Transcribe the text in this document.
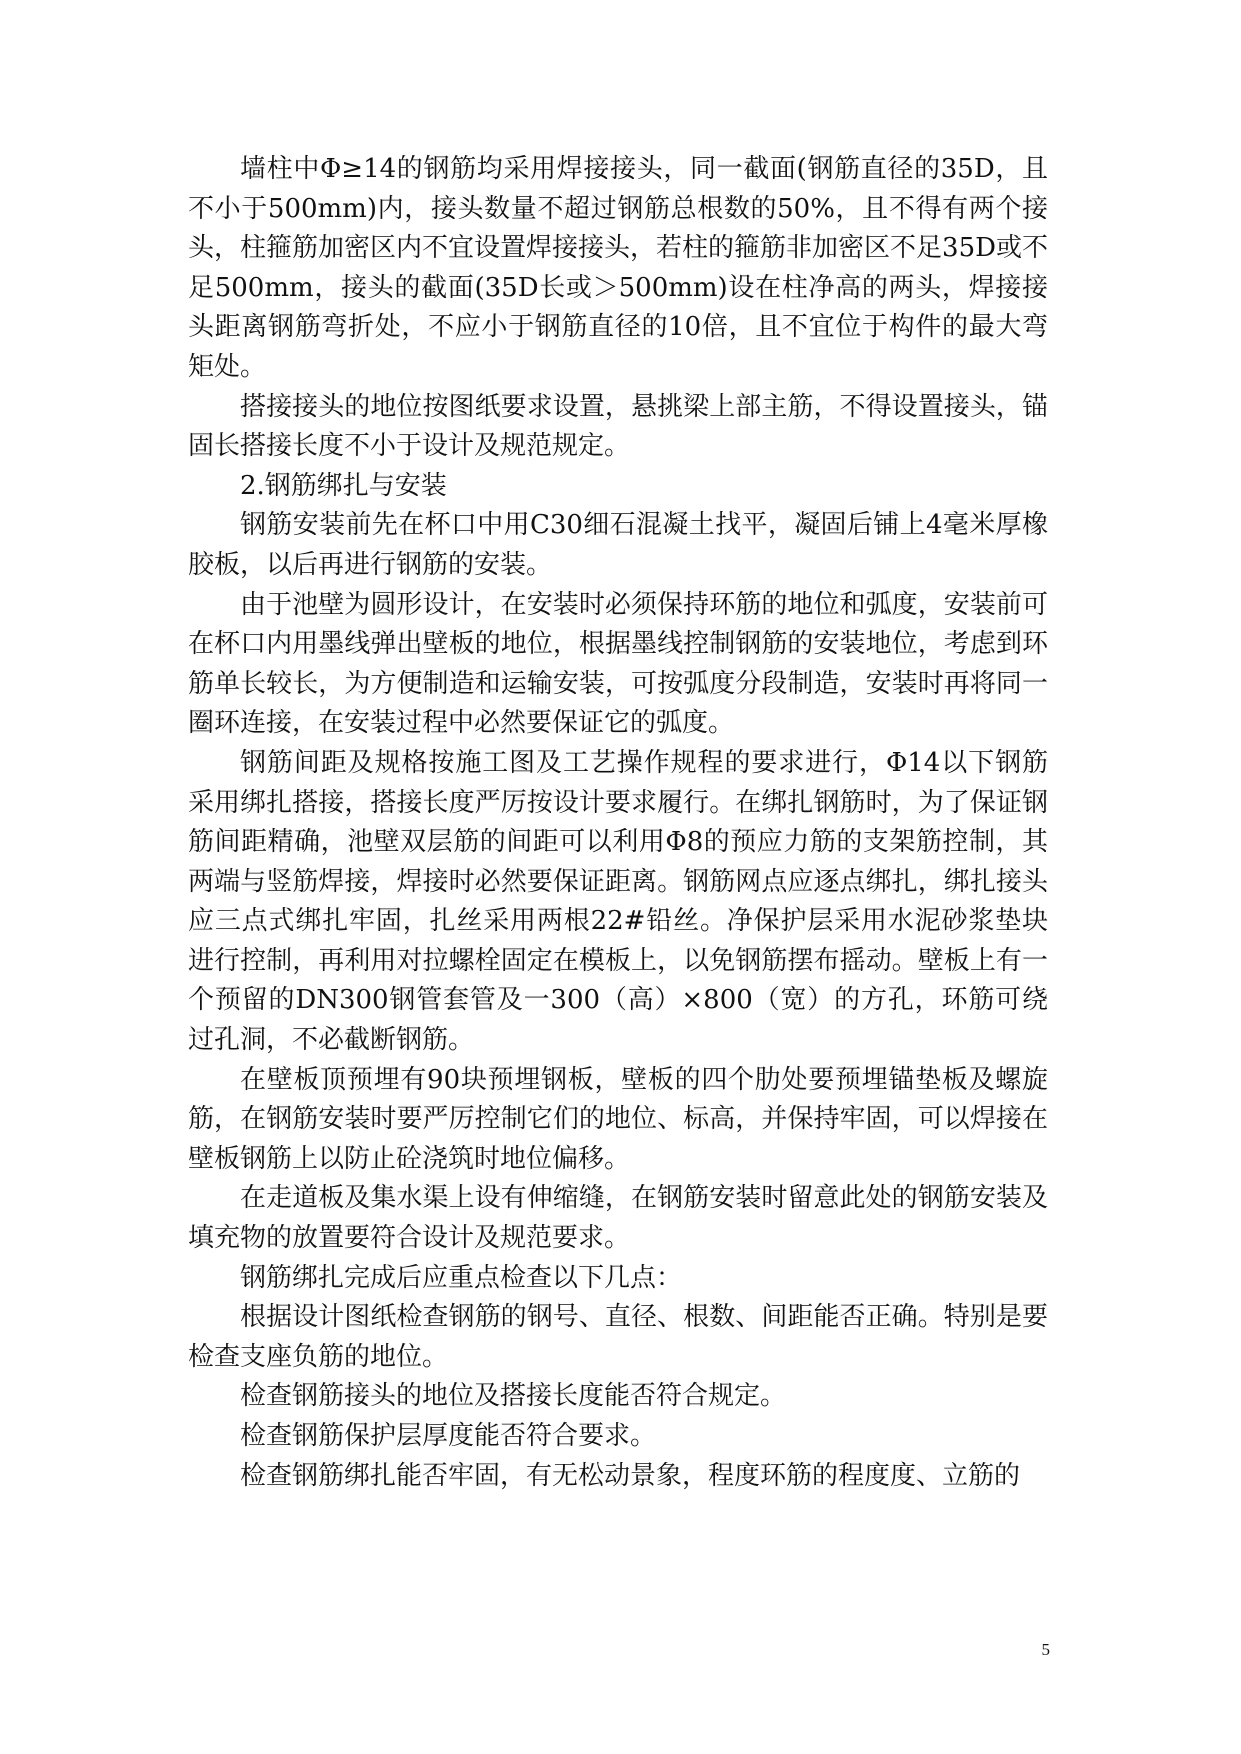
墙柱中Φ≥14的钢筋均采用焊接接头，同一截面(钢筋直径的35D，且不小于500mm)内，接头数量不超过钢筋总根数的50%，且不得有两个接头，柱箍筋加密区内不宜设置焊接接头，若柱的箍筋非加密区不足35D或不足500mm，接头的截面(35D长或＞500mm)设在柱净高的两头，焊接接头距离钢筋弯折处，不应小于钢筋直径的10倍，且不宜位于构件的最大弯矩处。

搭接接头的地位按图纸要求设置，悬挑梁上部主筋，不得设置接头，锚固长搭接长度不小于设计及规范规定。

2.钢筋绑扎与安装

钢筋安装前先在杯口中用C30细石混凝土找平，凝固后铺上4毫米厚橡胶板，以后再进行钢筋的安装。

由于池壁为圆形设计，在安装时必须保持环筋的地位和弧度，安装前可在杯口内用墨线弹出壁板的地位，根据墨线控制钢筋的安装地位，考虑到环筋单长较长，为方便制造和运输安装，可按弧度分段制造，安装时再将同一圈环连接，在安装过程中必然要保证它的弧度。

钢筋间距及规格按施工图及工艺操作规程的要求进行，Φ14以下钢筋采用绑扎搭接，搭接长度严厉按设计要求履行。在绑扎钢筋时，为了保证钢筋间距精确，池壁双层筋的间距可以利用Φ8的预应力筋的支架筋控制，其两端与竖筋焊接，焊接时必然要保证距离。钢筋网点应逐点绑扎，绑扎接头应三点式绑扎牢固，扎丝采用两根22#铅丝。净保护层采用水泥砂浆垫块进行控制，再利用对拉螺栓固定在模板上，以免钢筋摆布摇动。壁板上有一个预留的DN300钢管套管及一300（高）×800（宽）的方孔，环筋可绕过孔洞，不必截断钢筋。

在壁板顶预埋有90块预埋钢板，壁板的四个肋处要预埋锚垫板及螺旋筋，在钢筋安装时要严厉控制它们的地位、标高，并保持牢固，可以焊接在壁板钢筋上以防止砼浇筑时地位偏移。

在走道板及集水渠上设有伸缩缝，在钢筋安装时留意此处的钢筋安装及填充物的放置要符合设计及规范要求。

钢筋绑扎完成后应重点检查以下几点：

根据设计图纸检查钢筋的钢号、直径、根数、间距能否正确。特别是要检查支座负筋的地位。

检查钢筋接头的地位及搭接长度能否符合规定。

检查钢筋保护层厚度能否符合要求。

检查钢筋绑扎能否牢固，有无松动景象，程度环筋的程度度、立筋的

5
